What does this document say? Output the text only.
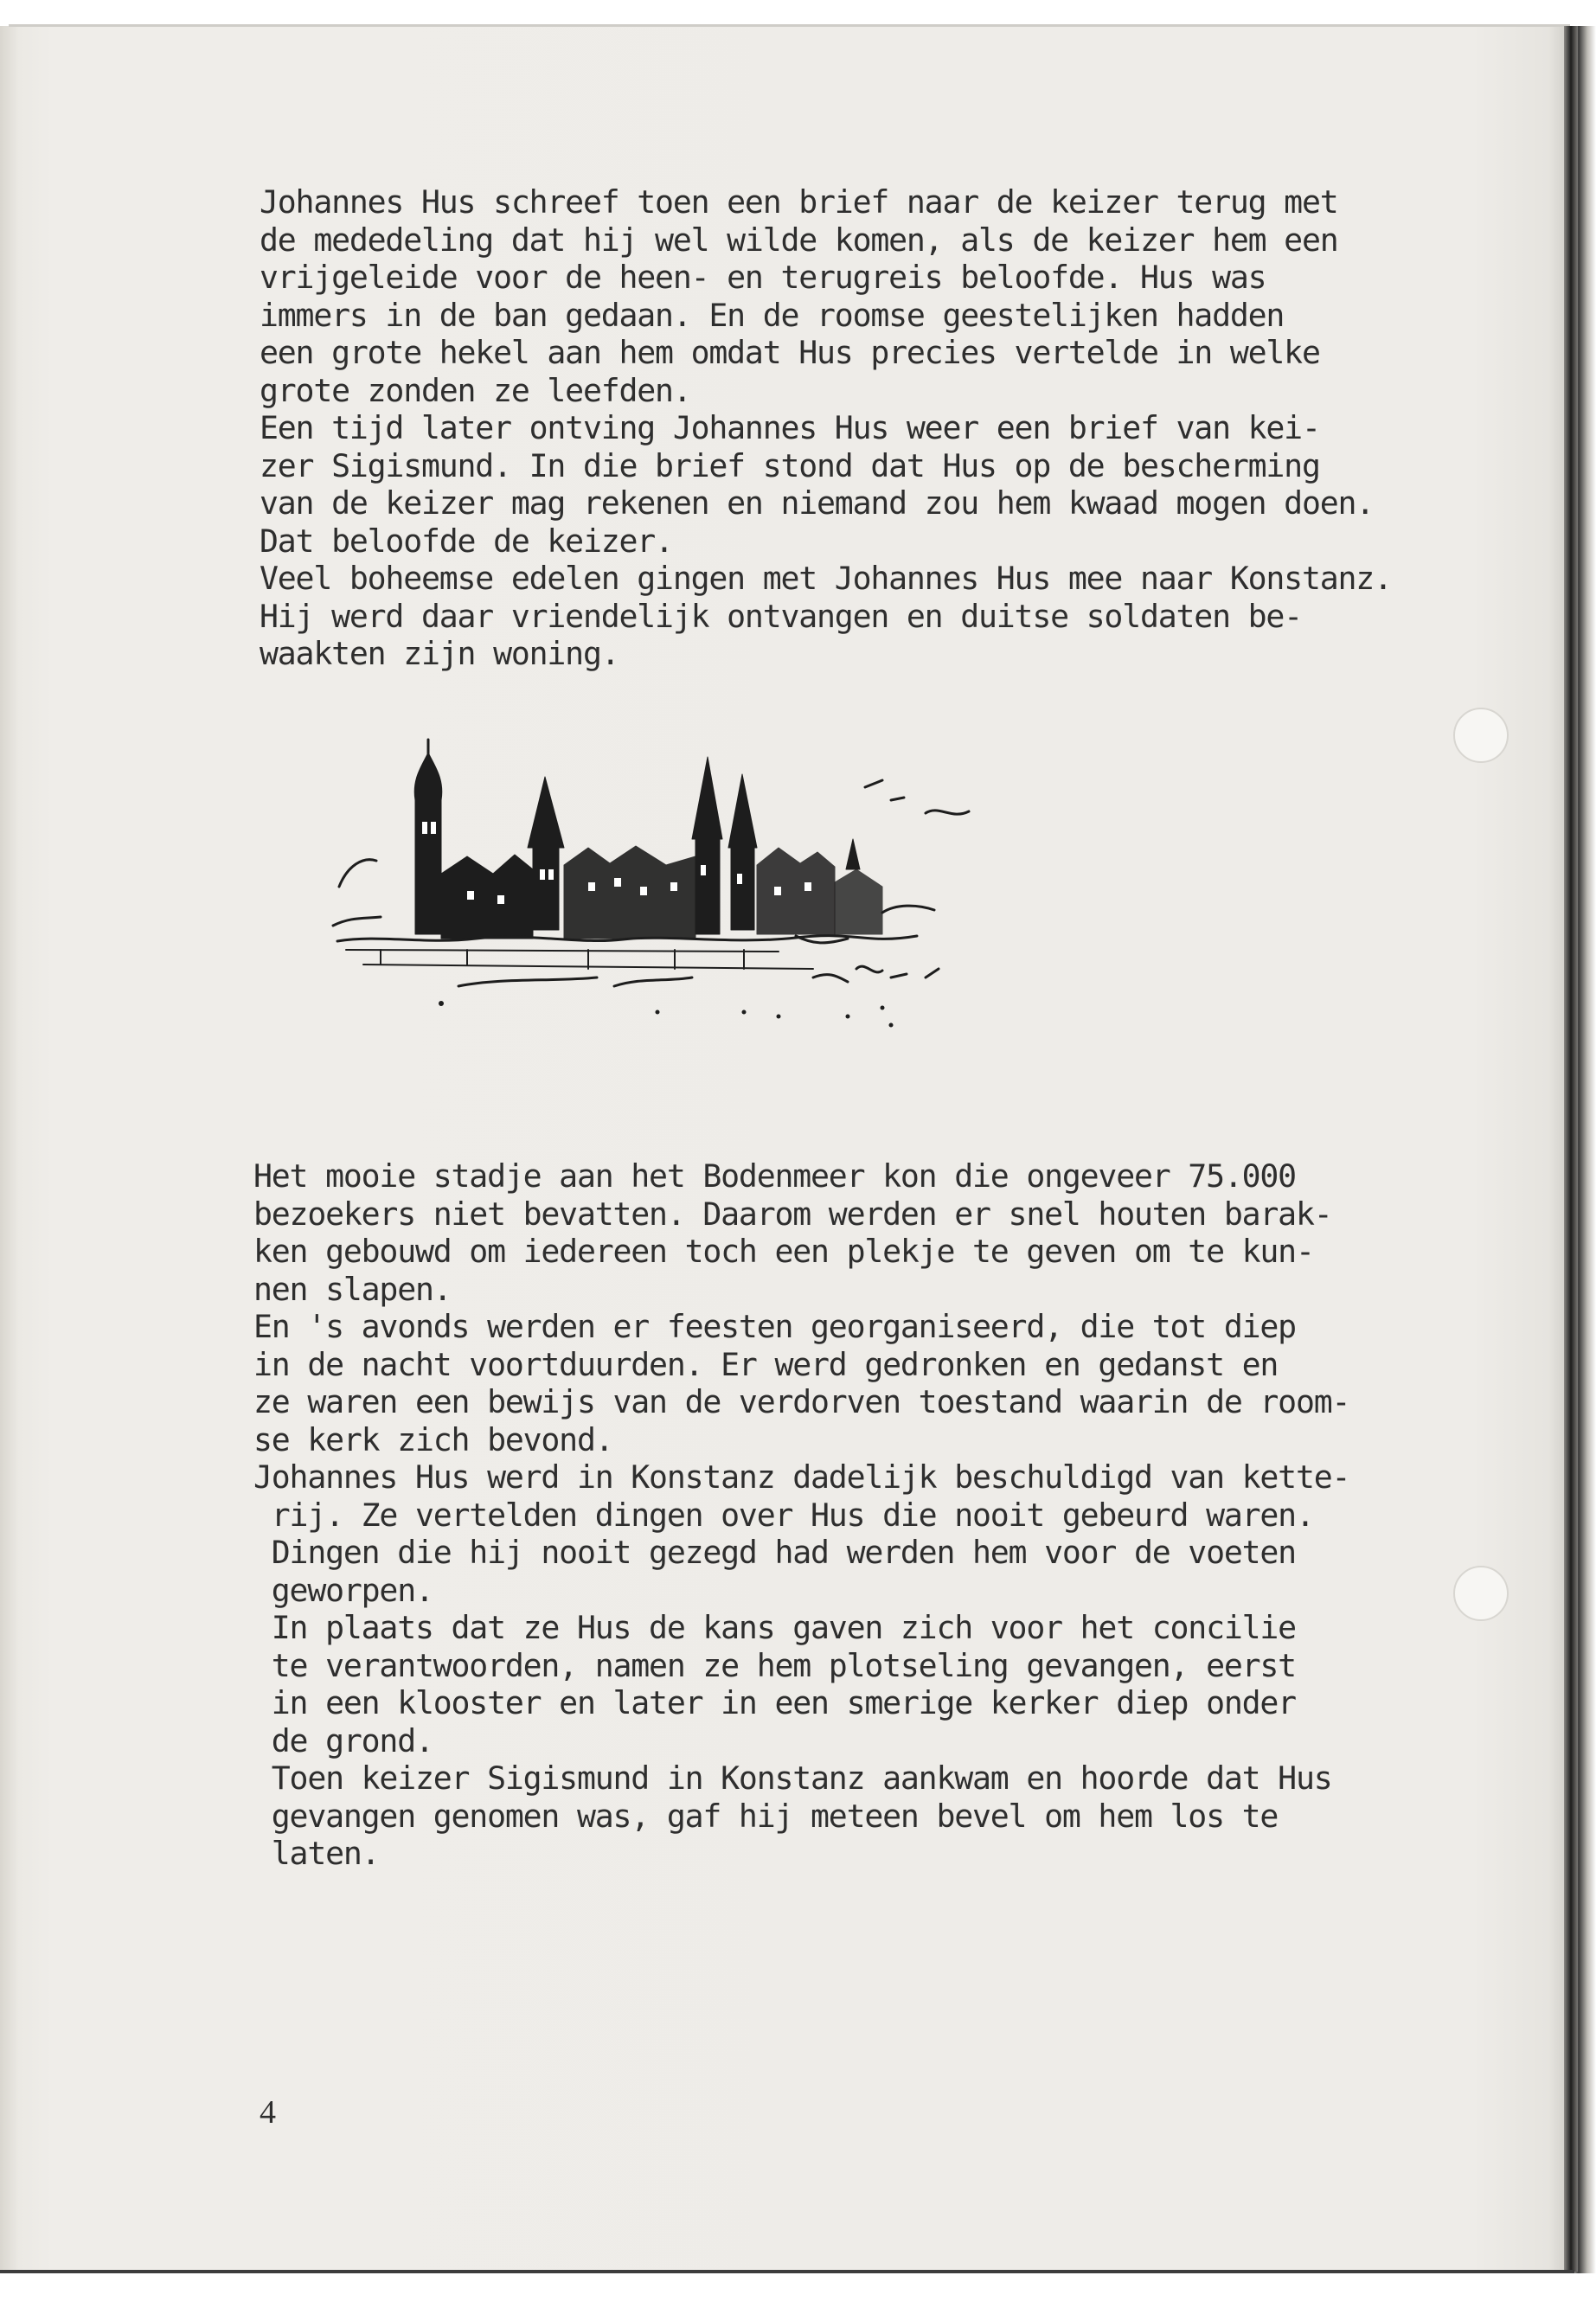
Johannes Hus schreef toen een brief naar de keizer terug met
de mededeling dat hij wel wilde komen, als de keizer hem een
vrijgeleide voor de heen- en terugreis beloofde. Hus was
immers in de ban gedaan. En de roomse geestelijken hadden
een grote hekel aan hem omdat Hus precies vertelde in welke
grote zonden ze leefden.
Een tijd later ontving Johannes Hus weer een brief van kei-
zer Sigismund. In die brief stond dat Hus op de bescherming
van de keizer mag rekenen en niemand zou hem kwaad mogen doen.
Dat beloofde de keizer.
Veel boheemse edelen gingen met Johannes Hus mee naar Konstanz.
Hij werd daar vriendelijk ontvangen en duitse soldaten be-
waakten zijn woning.
Het mooie stadje aan het Bodenmeer kon die ongeveer 75.000
bezoekers niet bevatten. Daarom werden er snel houten barak-
ken gebouwd om iedereen toch een plekje te geven om te kun-
nen slapen.
En 's avonds werden er feesten georganiseerd, die tot diep
in de nacht voortduurden. Er werd gedronken en gedanst en
ze waren een bewijs van de verdorven toestand waarin de room-
se kerk zich bevond.
Johannes Hus werd in Konstanz dadelijk beschuldigd van kette-
rij. Ze vertelden dingen over Hus die nooit gebeurd waren.
Dingen die hij nooit gezegd had werden hem voor de voeten
geworpen.
In plaats dat ze Hus de kans gaven zich voor het concilie
te verantwoorden, namen ze hem plotseling gevangen, eerst
in een klooster en later in een smerige kerker diep onder
de grond.
Toen keizer Sigismund in Konstanz aankwam en hoorde dat Hus
gevangen genomen was, gaf hij meteen bevel om hem los te
laten.
4
